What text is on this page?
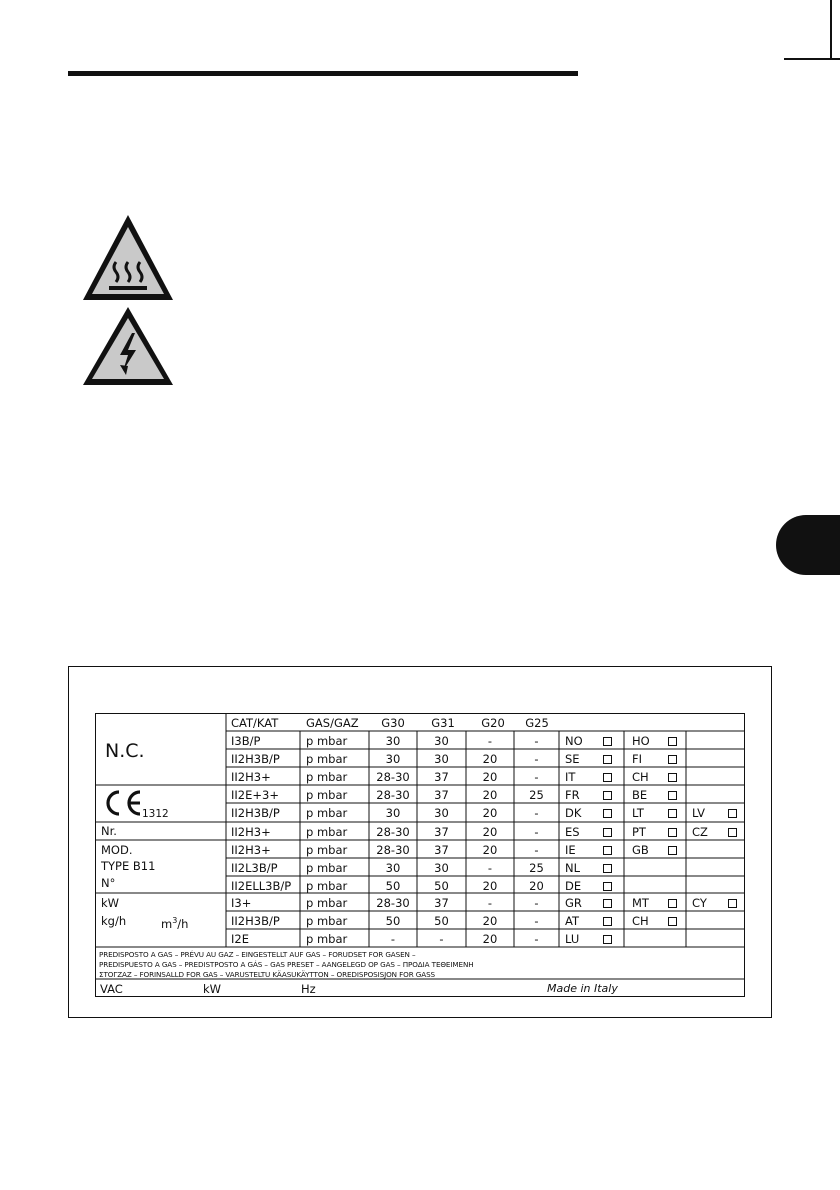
N.C.
1312
Nr.
MOD.
TYPE B11
N°
kW
kg/h	$m^3/h$
CAT/KAT GAS/GAZ	G30	G31	G20	G25
I3B/P	p mbar	30	30	-	-	NO	HO
II2H3B/P p mbar	30	30	20	-	SE	FI
II2H3+	p mbar	28-30	37	20	-	IT	CH
II2E+3+ p mbar	28-30	37	20	25	FR	BE
II2H3B/P p mbar	30	30	20	-	DK	LT	LV
II2H3+	p mbar	28-30	37	20	-	ES	PT	CZ
II2H3+	p mbar	28-30	37	20	-	IE	GB
II2L3B/P p mbar	30	30	-	25	NL
II2ELL3B/P p mbar	50	50	20	20	DE
I3+	p mbar	28-30	37	-	-	GR	MT	CY
II2H3B/P p mbar	50	50	20	-	AT	CH
I2E	p mbar	-	-	20	-	LU
PREDISPOSTO A GAS – PRÉVU AU GAZ – EINGESTELLT AUF GAS – FORUDSET FOR GASEN –
PREDISPUESTO A GAS – PREDISTPOSTO A GÁS – GAS PRESET – AANGELEGD OP GAS – ΠΡΟΔΙΑ ΤΕΘΕΙΜΕΝΗ
ΣΤΟΓΖΑΖ – FORINSALLD FOR GAS – VARUSTELTU KÄASUKÄYTTON – OREDISPOSISJON FOR GASS
VAC	kW	Hz	Made in Italy
